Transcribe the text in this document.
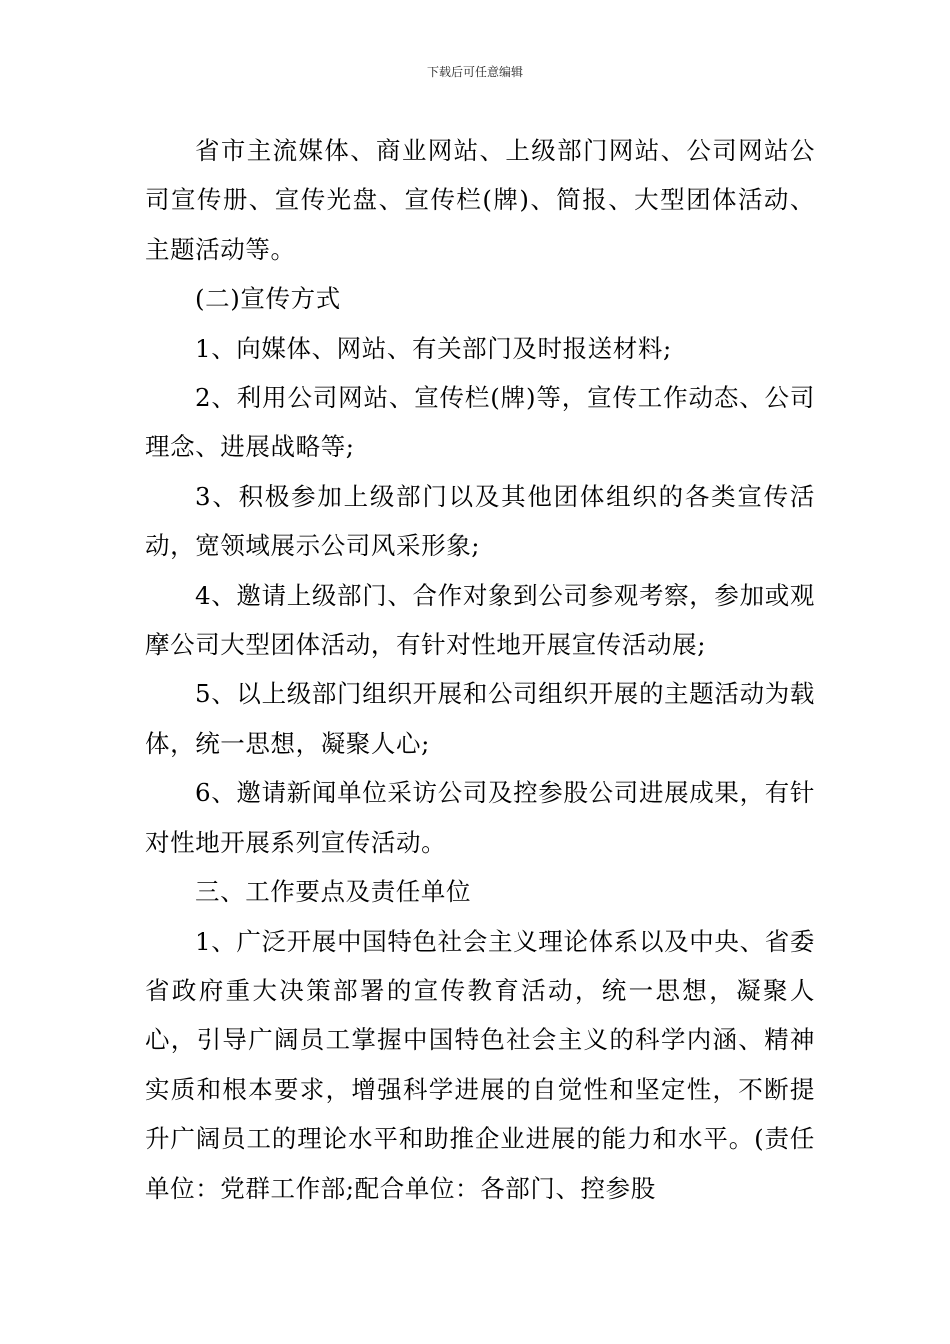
下载后可任意编辑

省市主流媒体、商业网站、上级部门网站、公司网站公司宣传册、宣传光盘、宣传栏(牌)、简报、大型团体活动、主题活动等。

(二)宣传方式

1、向媒体、网站、有关部门及时报送材料;

2、利用公司网站、宣传栏(牌)等，宣传工作动态、公司理念、进展战略等;

3、积极参加上级部门以及其他团体组织的各类宣传活动，宽领域展示公司风采形象;

4、邀请上级部门、合作对象到公司参观考察，参加或观摩公司大型团体活动，有针对性地开展宣传活动展;

5、以上级部门组织开展和公司组织开展的主题活动为载体，统一思想，凝聚人心;

6、邀请新闻单位采访公司及控参股公司进展成果，有针对性地开展系列宣传活动。

三、工作要点及责任单位

1、广泛开展中国特色社会主义理论体系以及中央、省委省政府重大决策部署的宣传教育活动，统一思想，凝聚人心，引导广阔员工掌握中国特色社会主义的科学内涵、精神实质和根本要求，增强科学进展的自觉性和坚定性，不断提升广阔员工的理论水平和助推企业进展的能力和水平。(责任单位：党群工作部;配合单位：各部门、控参股
